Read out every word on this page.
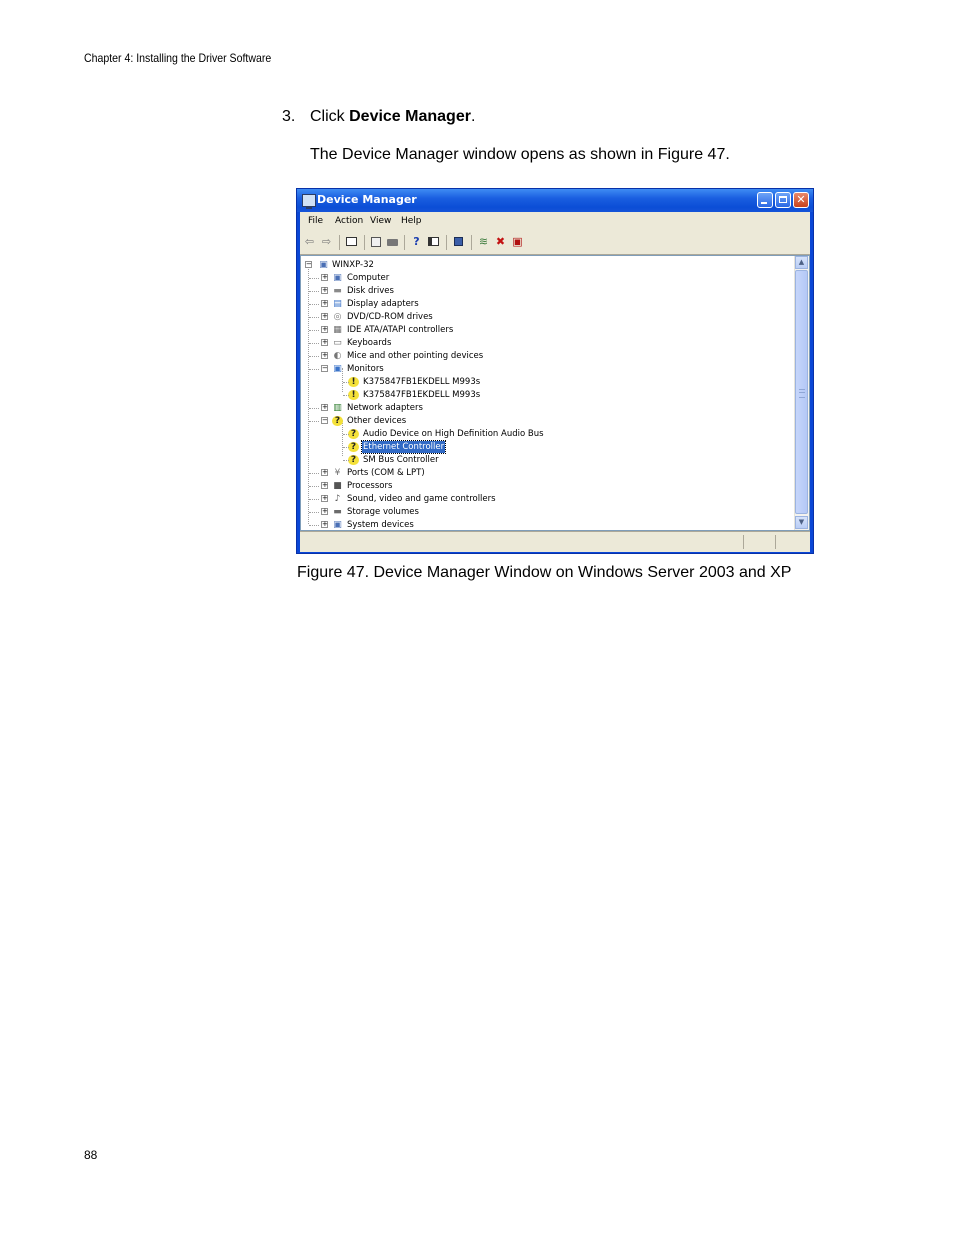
Chapter 4: Installing the Driver Software
3. Click Device Manager.
The Device Manager window opens as shown in Figure 47.
Device Manager	✕
File Action View Help
⇦ ⇨	?	≋ ✖ ▣
− ▣ WINXP-32
+ ▣ Computer
+ ▬ Disk drives
+ ▤ Display adapters
+ ◎ DVD/CD-ROM drives
+ ▦ IDE ATA/ATAPI controllers
+ ▭ Keyboards
+ ◐ Mice and other pointing devices
− ▣ Monitors
! K375847FB1EKDELL M993s
! K375847FB1EKDELL M993s
+ ▥ Network adapters
− ? Other devices
? Audio Device on High Definition Audio Bus
? Ethernet Controller
? SM Bus Controller
+ ¥ Ports (COM & LPT)
+ ■ Processors
+ ♪ Sound, video and game controllers
+ ▬ Storage volumes
+ ▣ System devices
▲
▼
Figure 47. Device Manager Window on Windows Server 2003 and XP
88
